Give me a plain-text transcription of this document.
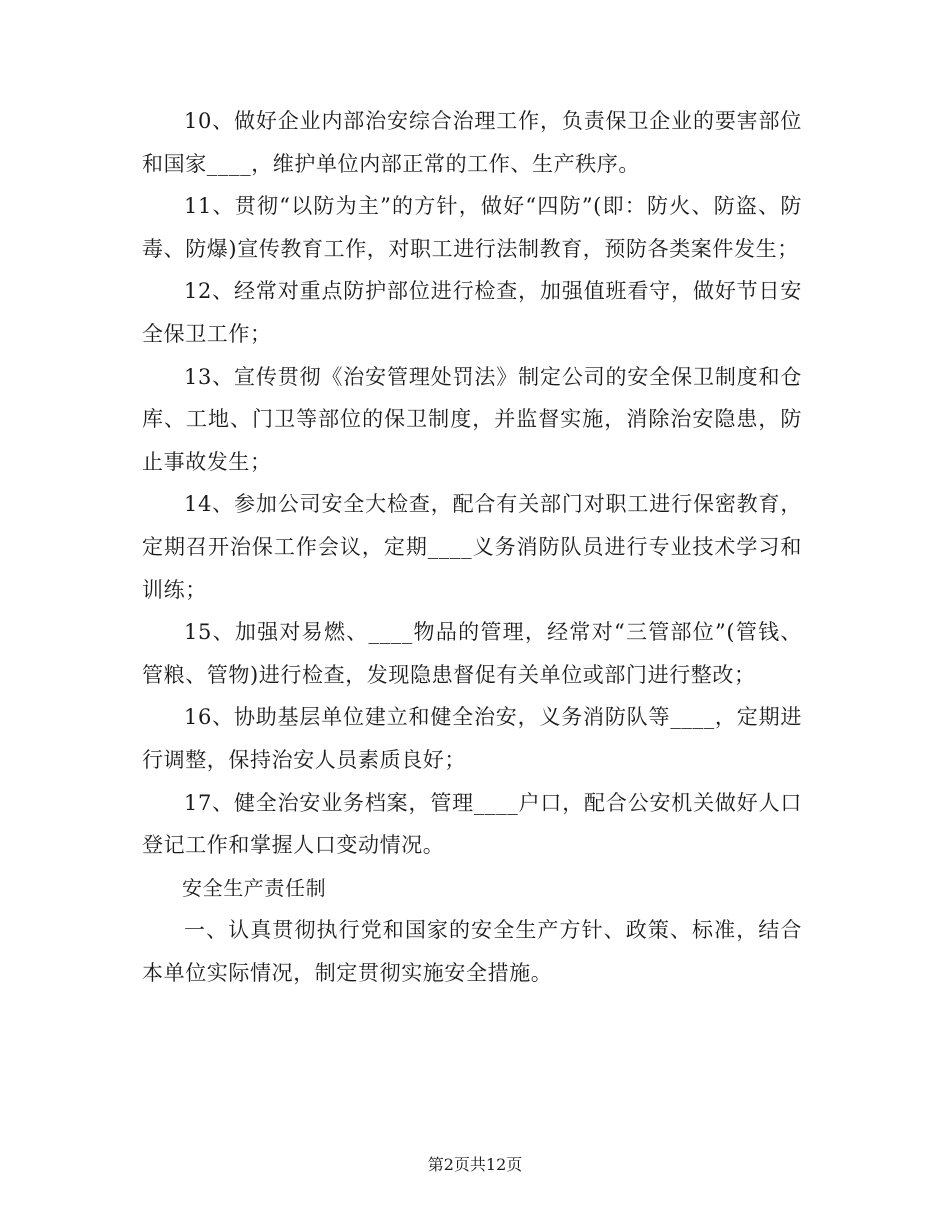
10、做好企业内部治安综合治理工作，负责保卫企业的要害部位和国家____，维护单位内部正常的工作、生产秩序。

11、贯彻“以防为主”的方针，做好“四防”(即：防火、防盗、防毒、防爆)宣传教育工作，对职工进行法制教育，预防各类案件发生；

12、经常对重点防护部位进行检查，加强值班看守，做好节日安全保卫工作；

13、宣传贯彻《治安管理处罚法》制定公司的安全保卫制度和仓库、工地、门卫等部位的保卫制度，并监督实施，消除治安隐患，防止事故发生；

14、参加公司安全大检查，配合有关部门对职工进行保密教育，定期召开治保工作会议，定期____义务消防队员进行专业技术学习和训练；

15、加强对易燃、____物品的管理，经常对“三管部位”(管钱、管粮、管物)进行检查，发现隐患督促有关单位或部门进行整改；

16、协助基层单位建立和健全治安，义务消防队等____，定期进行调整，保持治安人员素质良好；

17、健全治安业务档案，管理____户口，配合公安机关做好人口登记工作和掌握人口变动情况。

安全生产责任制

一、认真贯彻执行党和国家的安全生产方针、政策、标准，结合本单位实际情况，制定贯彻实施安全措施。

第2页共12页
